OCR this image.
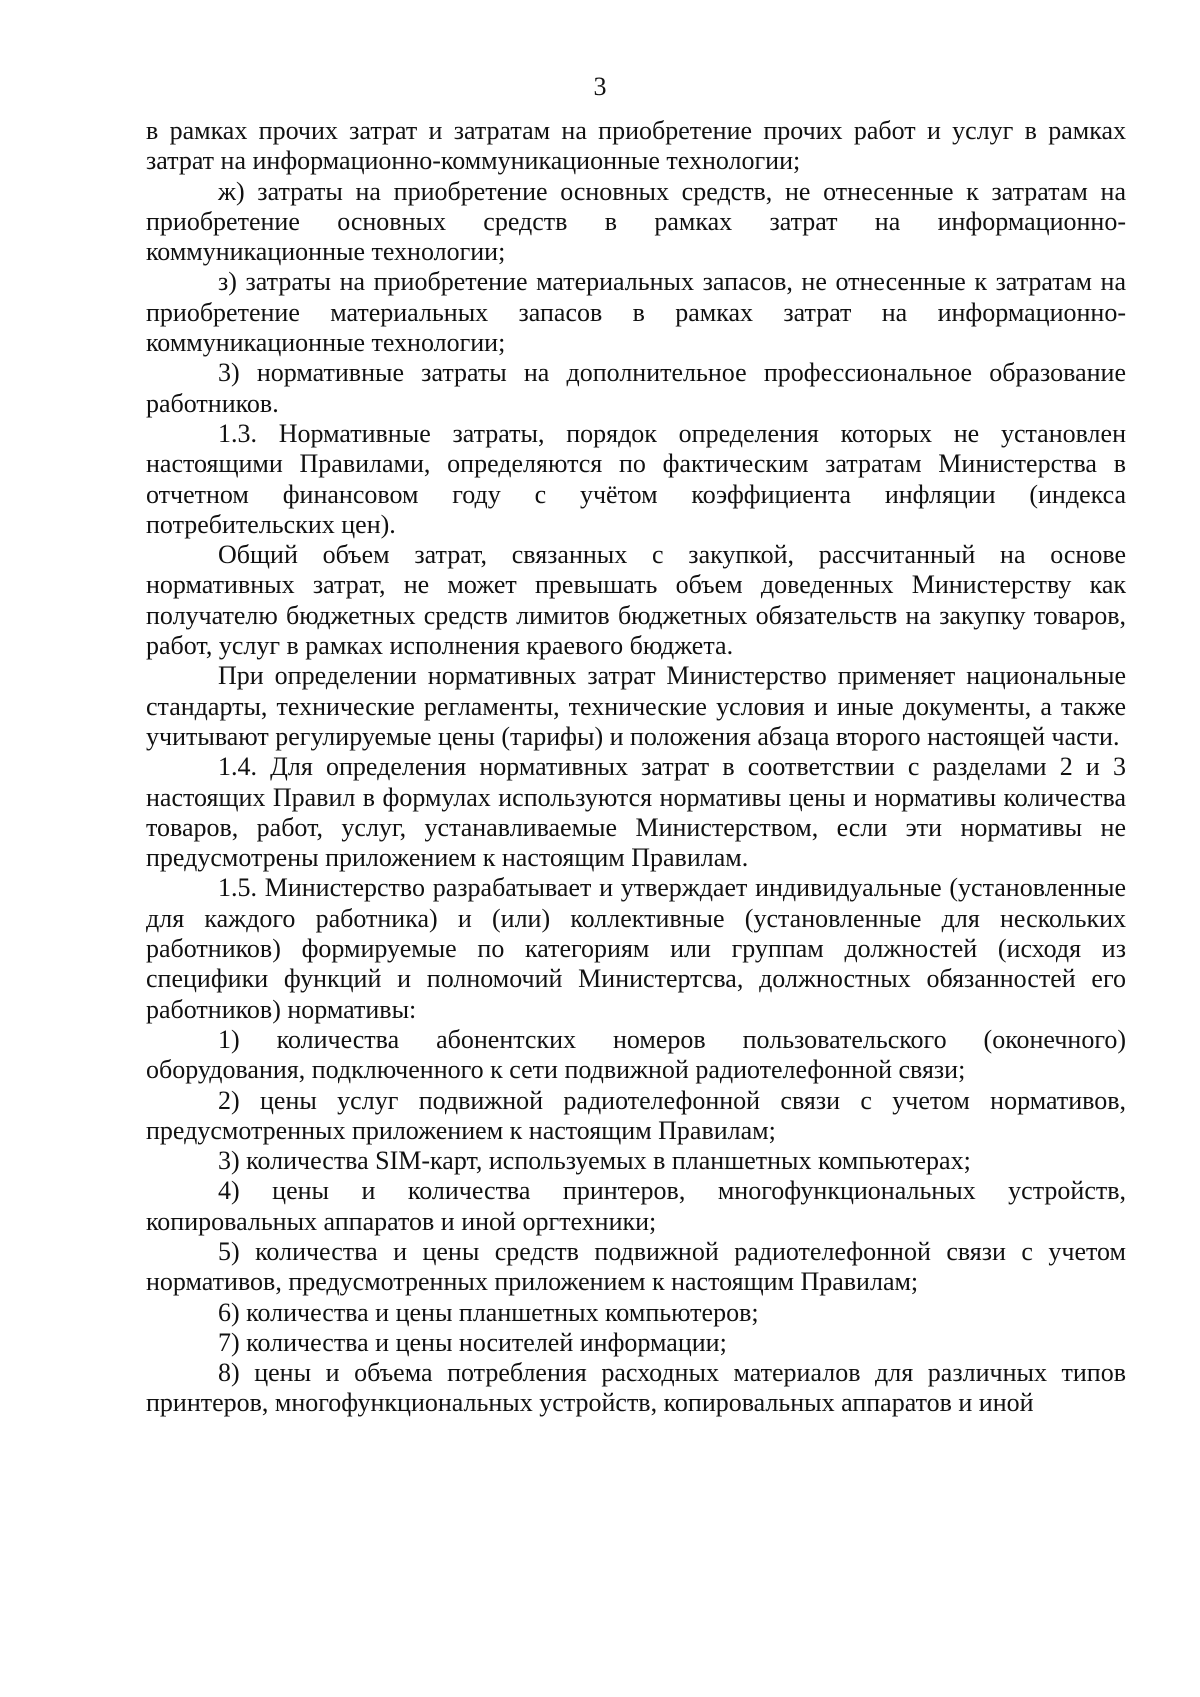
3

в рамках прочих затрат и затратам на приобретение прочих работ и услуг в рамках затрат на информационно-коммуникационные технологии;

ж) затраты на приобретение основных средств, не отнесенные к затратам на приобретение основных средств в рамках затрат на информационно-коммуникационные технологии;

з) затраты на приобретение материальных запасов, не отнесенные к затратам на приобретение материальных запасов в рамках затрат на информационно-коммуникационные технологии;

3) нормативные затраты на дополнительное профессиональное образование работников.

1.3. Нормативные затраты, порядок определения которых не установлен настоящими Правилами, определяются по фактическим затратам Министерства в отчетном финансовом году с учётом коэффициента инфляции (индекса потребительских цен).

Общий объем затрат, связанных с закупкой, рассчитанный на основе нормативных затрат, не может превышать объем доведенных Министерству как получателю бюджетных средств лимитов бюджетных обязательств на закупку товаров, работ, услуг в рамках исполнения краевого бюджета.

При определении нормативных затрат Министерство применяет национальные стандарты, технические регламенты, технические условия и иные документы, а также учитывают регулируемые цены (тарифы) и положения абзаца второго настоящей части.

1.4. Для определения нормативных затрат в соответствии с разделами 2 и 3 настоящих Правил в формулах используются нормативы цены и нормативы количества товаров, работ, услуг, устанавливаемые Министерством, если эти нормативы не предусмотрены приложением к настоящим Правилам.

1.5. Министерство разрабатывает и утверждает индивидуальные (установленные для каждого работника) и (или) коллективные (установленные для нескольких работников) формируемые по категориям или группам должностей (исходя из специфики функций и полномочий Министертсва, должностных обязанностей его работников) нормативы:

1) количества абонентских номеров пользовательского (оконечного) оборудования, подключенного к сети подвижной радиотелефонной связи;

2) цены услуг подвижной радиотелефонной связи с учетом нормативов, предусмотренных приложением к настоящим Правилам;

3) количества SIM-карт, используемых в планшетных компьютерах;

4) цены и количества принтеров, многофункциональных устройств, копировальных аппаратов и иной оргтехники;

5) количества и цены средств подвижной радиотелефонной связи с учетом нормативов, предусмотренных приложением к настоящим Правилам;

6) количества и цены планшетных компьютеров;

7) количества и цены носителей информации;

8) цены и объема потребления расходных материалов для различных типов принтеров, многофункциональных устройств, копировальных аппаратов и иной
